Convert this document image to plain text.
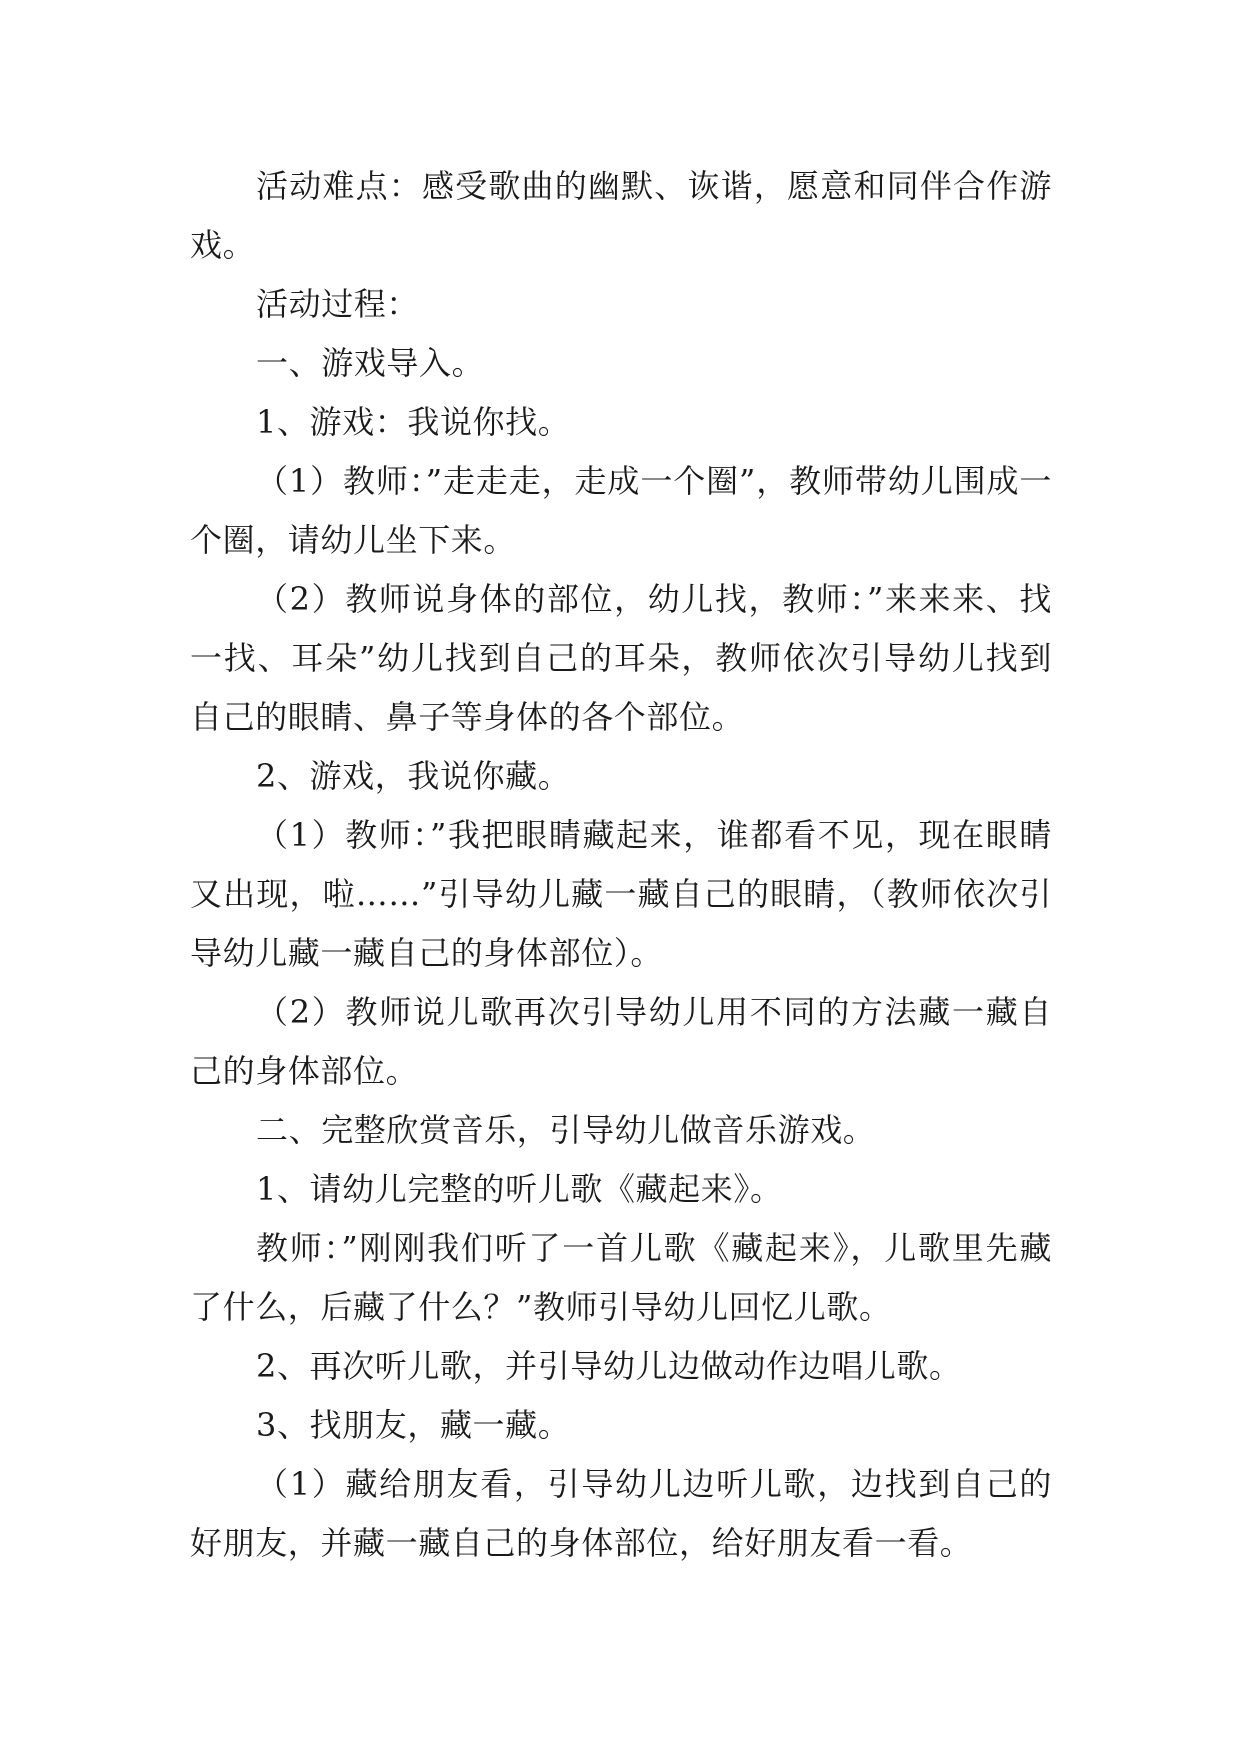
活动难点：感受歌曲的幽默、诙谐，愿意和同伴合作游戏。

活动过程：

一、游戏导入。

1、游戏：我说你找。

（1）教师：”走走走，走成一个圈”，教师带幼儿围成一个圈，请幼儿坐下来。

（2）教师说身体的部位，幼儿找，教师：”来来来、找一找、耳朵”幼儿找到自己的耳朵，教师依次引导幼儿找到自己的眼睛、鼻子等身体的各个部位。

2、游戏，我说你藏。

（1）教师：”我把眼睛藏起来，谁都看不见，现在眼睛又出现，啦……”引导幼儿藏一藏自己的眼睛，（教师依次引导幼儿藏一藏自己的身体部位）。

（2）教师说儿歌再次引导幼儿用不同的方法藏一藏自己的身体部位。

二、完整欣赏音乐，引导幼儿做音乐游戏。

1、请幼儿完整的听儿歌《藏起来》。

教师：”刚刚我们听了一首儿歌《藏起来》，儿歌里先藏了什么，后藏了什么？”教师引导幼儿回忆儿歌。

2、再次听儿歌，并引导幼儿边做动作边唱儿歌。

3、找朋友，藏一藏。

（1）藏给朋友看，引导幼儿边听儿歌，边找到自己的好朋友，并藏一藏自己的身体部位，给好朋友看一看。
